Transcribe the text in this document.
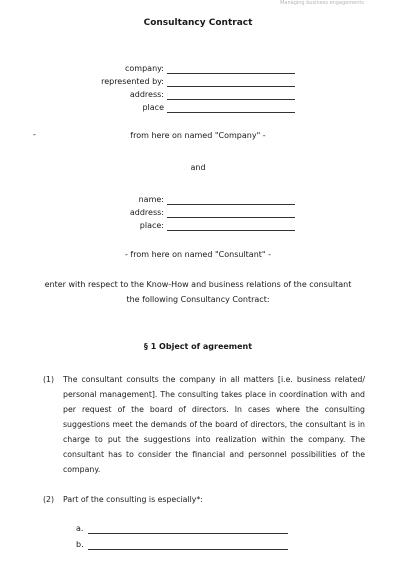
Managing business engagements
Consultancy Contract
company:
represented by:
address:
place
-	from here on named "Company" -
and
name:
address:
place:
- from here on named "Consultant" -
enter with respect to the Know-How and business relations of the consultant
the following Consultancy Contract:
§ 1 Object of agreement
(1) The consultant consults the company in all matters [i.e. business related/ personal management]. The consulting takes place in coordination with and per request of the board of directors. In cases where the consulting suggestions meet the demands of the board of directors, the consultant is in charge to put the suggestions into realization within the company. The consultant has to consider the financial and personnel possibilities of the company.
(2) Part of the consulting is especially*:
a.
b.
